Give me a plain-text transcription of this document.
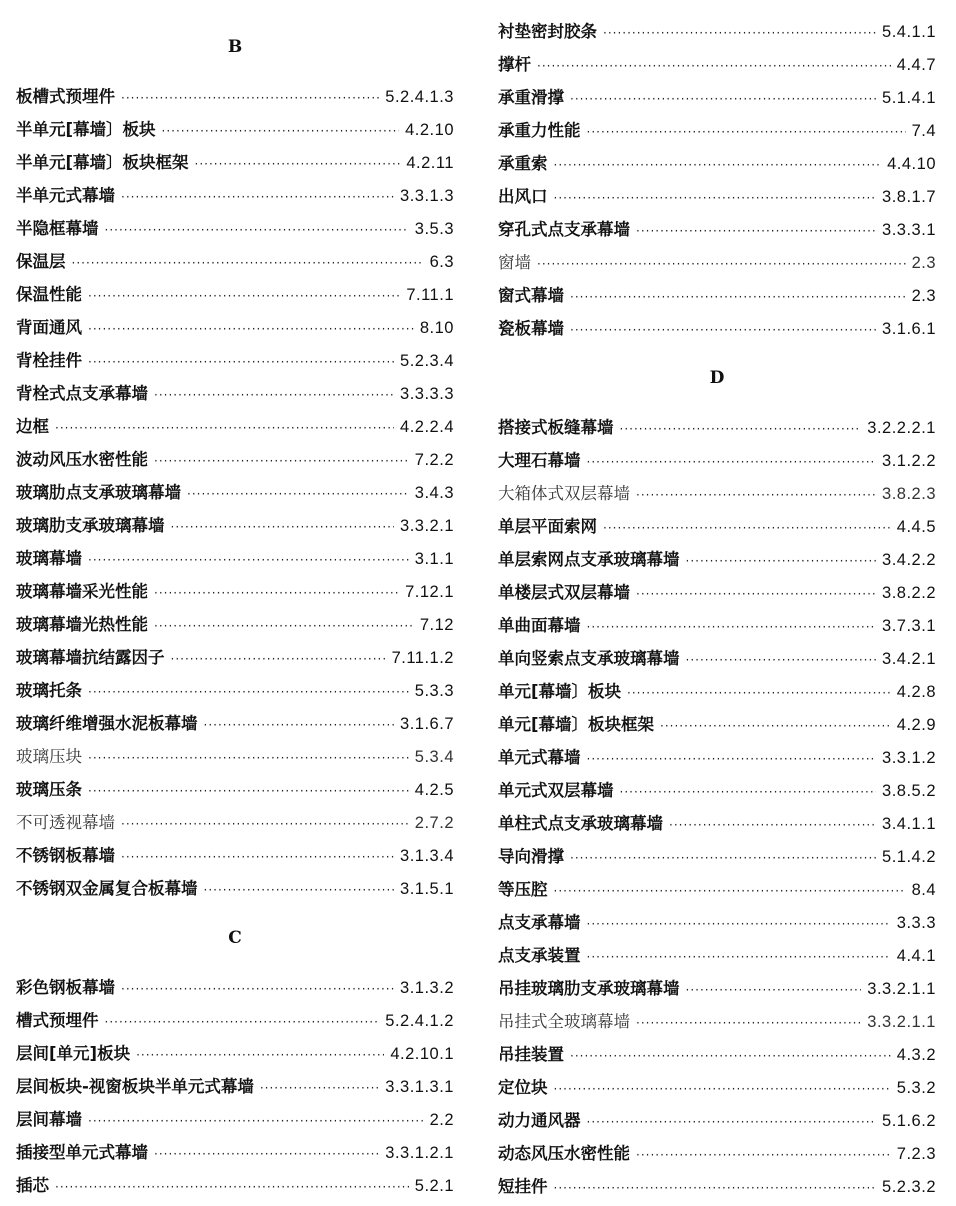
B
板槽式预埋件 ·····	5.2.4.1.3
半单元[幕墙〕板块 ·····	4.2.10
半单元[幕墙〕板块框架 ·····	4.2.11
半单元式幕墙 ·····	3.3.1.3
半隐框幕墙 ·····	3.5.3
保温层 ·····	6.3
保温性能 ·····	7.11.1
背面通风 ·····	8.10
背栓挂件 ·····	5.2.3.4
背栓式点支承幕墙 ·····	3.3.3.3
边框 ·····	4.2.2.4
波动风压水密性能 ·····	7.2.2
玻璃肋点支承玻璃幕墙 ·····	3.4.3
玻璃肋支承玻璃幕墙 ·····	3.3.2.1
玻璃幕墙 ·····	3.1.1
玻璃幕墙采光性能 ·····	7.12.1
玻璃幕墙光热性能 ·····	7.12
玻璃幕墙抗结露因子 ·····	7.11.1.2
玻璃托条 ·····	5.3.3
玻璃纤维增强水泥板幕墙 ·····	3.1.6.7
玻璃压块 ·····	5.3.4
玻璃压条 ·····	4.2.5
不可透视幕墙 ·····	2.7.2
不锈钢板幕墙 ·····	3.1.3.4
不锈钢双金属复合板幕墙 ·····	3.1.5.1
C
彩色钢板幕墙 ·····	3.1.3.2
槽式预埋件 ·····	5.2.4.1.2
层间[单元]板块 ·····	4.2.10.1
层间板块-视窗板块半单元式幕墙 ·····	3.3.1.3.1
层间幕墙 ·····	2.2
插接型单元式幕墙 ·····	3.3.1.2.1
插芯 ·····	5.2.1
衬垫密封胶条 ·····	5.4.1.1
撑杆 ·····	4.4.7
承重滑撑 ·····	5.1.4.1
承重力性能 ·····	7.4
承重索 ·····	4.4.10
出风口 ·····	3.8.1.7
穿孔式点支承幕墙 ·····	3.3.3.1
窗墙 ·····	2.3
窗式幕墙 ·····	2.3
瓷板幕墙 ·····	3.1.6.1
D
搭接式板缝幕墙 ·····	3.2.2.2.1
大理石幕墙 ·····	3.1.2.2
大箱体式双层幕墙 ·····	3.8.2.3
单层平面索网 ·····	4.4.5
单层索网点支承玻璃幕墙 ·····	3.4.2.2
单楼层式双层幕墙 ·····	3.8.2.2
单曲面幕墙 ·····	3.7.3.1
单向竖索点支承玻璃幕墙 ·····	3.4.2.1
单元[幕墙〕板块 ·····	4.2.8
单元[幕墙〕板块框架 ·····	4.2.9
单元式幕墙 ·····	3.3.1.2
单元式双层幕墙 ·····	3.8.5.2
单柱式点支承玻璃幕墙 ·····	3.4.1.1
导向滑撑 ·····	5.1.4.2
等压腔 ·····	8.4
点支承幕墙 ·····	3.3.3
点支承装置 ·····	4.4.1
吊挂玻璃肋支承玻璃幕墙 ·····	3.3.2.1.1
吊挂式全玻璃幕墙 ·····	3.3.2.1.1
吊挂装置 ·····	4.3.2
定位块 ·····	5.3.2
动力通风器 ·····	5.1.6.2
动态风压水密性能 ·····	7.2.3
短挂件 ·····	5.2.3.2
